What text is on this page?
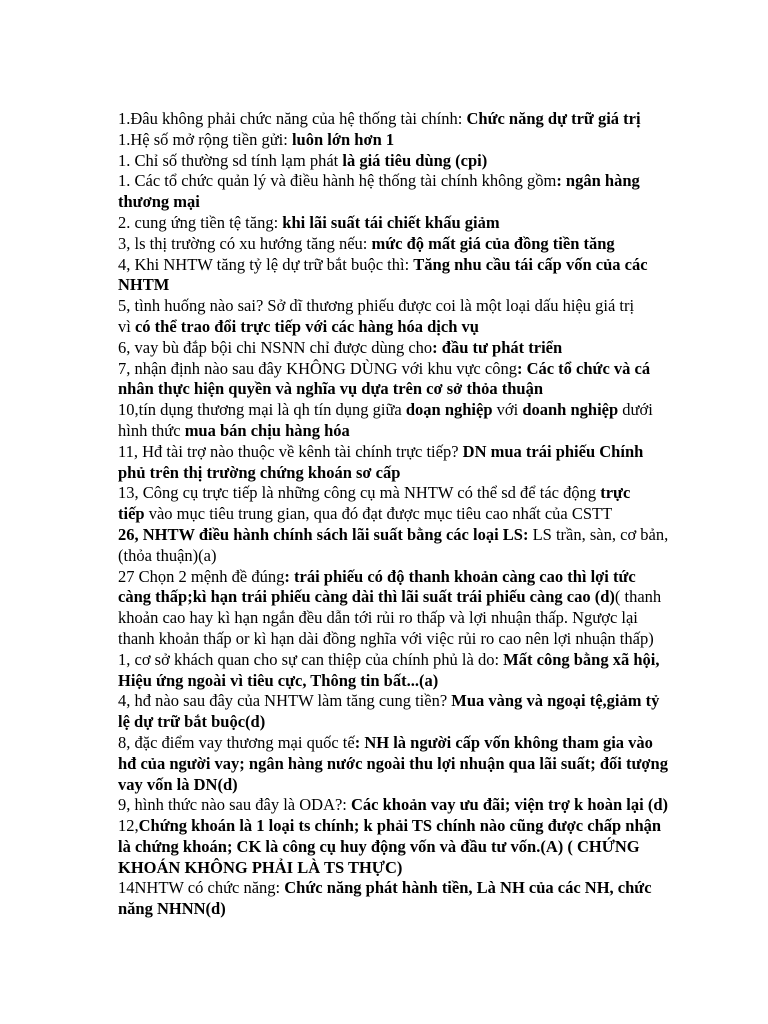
1.Đâu không phải chức năng của hệ thống tài chính: Chức năng dự trữ giá trị
1.Hệ số mở rộng tiền gửi: luôn lớn hơn 1
1. Chỉ số thường sd tính lạm phát là giá tiêu dùng (cpi)
1. Các tổ chức quản lý và điều hành hệ thống tài chính không gồm: ngân hàng
thương mại
2. cung ứng tiền tệ tăng: khi lãi suất tái chiết khấu giảm
3, ls thị trường có xu hướng tăng nếu: mức độ mất giá của đồng tiền tăng
4, Khi NHTW tăng tỷ lệ dự trữ bắt buộc thì: Tăng nhu cầu tái cấp vốn của các
NHTM
5, tình huống nào sai? Sở dĩ thương phiếu được coi là một loại dấu hiệu giá trị
vì có thể trao đổi trực tiếp với các hàng hóa dịch vụ
6, vay bù đắp bội chi NSNN chỉ được dùng cho: đầu tư phát triển
7, nhận định nào sau đây KHÔNG DÙNG với khu vực công: Các tổ chức và cá
nhân thực hiện quyền và nghĩa vụ dựa trên cơ sở thỏa thuận
10,tín dụng thương mại là qh tín dụng giữa doạn nghiệp với doanh nghiệp dưới
hình thức mua bán chịu hàng hóa
11, Hđ tài trợ nào thuộc về kênh tài chính trực tiếp? DN mua trái phiếu Chính
phủ trên thị trường chứng khoán sơ cấp
13, Công cụ trực tiếp là những công cụ mà NHTW có thể sd để tác động trực
tiếp vào mục tiêu trung gian, qua đó đạt được mục tiêu cao nhất của CSTT
26, NHTW điều hành chính sách lãi suất bằng các loại LS: LS trần, sàn, cơ bản,
(thỏa thuận)(a)
27 Chọn 2 mệnh đề đúng: trái phiếu có độ thanh khoản càng cao thì lợi tức
càng thấp;kì hạn trái phiếu càng dài thì lãi suất trái phiếu càng cao (d)( thanh
khoản cao hay kì hạn ngắn đều dẫn tới rủi ro thấp và lợi nhuận thấp. Ngược lại
thanh khoản thấp or kì hạn dài đồng nghĩa với việc rủi ro cao nên lợi nhuận thấp)
1, cơ sở khách quan cho sự can thiệp của chính phủ là do: Mất công bằng xã hội,
Hiệu ứng ngoài vì tiêu cực, Thông tin bất...(a)
4, hđ nào sau đây của NHTW làm tăng cung tiền? Mua vàng và ngoại tệ,giảm tỷ
lệ dự trữ bắt buộc(d)
8, đặc điểm vay thương mại quốc tế: NH là người cấp vốn không tham gia vào
hđ của người vay; ngân hàng nước ngoài thu lợi nhuận qua lãi suất; đối tượng
vay vốn là DN(d)
9, hình thức nào sau đây là ODA?: Các khoản vay ưu đãi; viện trợ k hoàn lại (d)
12,Chứng khoán là 1 loại ts chính; k phải TS chính nào cũng được chấp nhận
là chứng khoán; CK là công cụ huy động vốn và đầu tư vốn.(A) ( CHỨNG
KHOÁN KHÔNG PHẢI LÀ TS THỰC)
14NHTW có chức năng: Chức năng phát hành tiền, Là NH của các NH, chức
năng NHNN(d)
